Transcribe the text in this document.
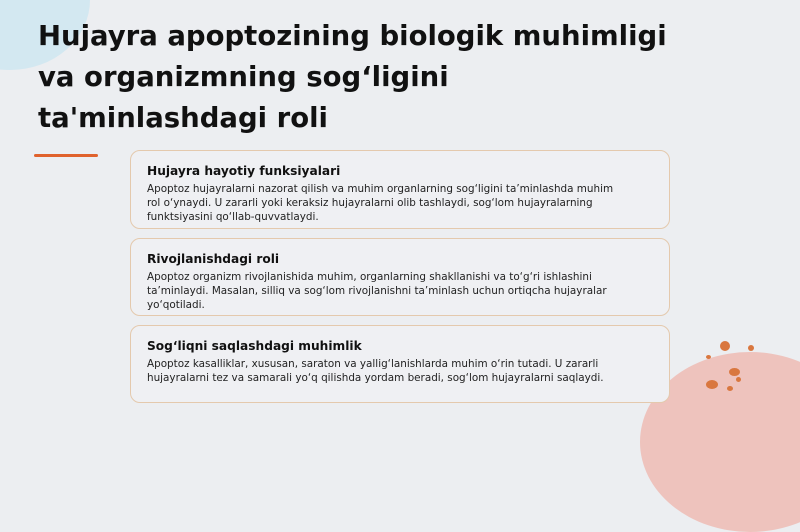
Hujayra apoptozining biologik muhimligi
va organizmning sog‘ligini
ta'minlashdagi roli
Hujayra hayotiy funksiyalari

Apoptoz hujayralarni nazorat qilish va muhim organlarning sog‘ligini ta’minlashda muhim
rol o‘ynaydi. U zararli yoki keraksiz hujayralarni olib tashlaydi, sog‘lom hujayralarning
funktsiyasini qo‘llab-quvvatlaydi.

Rivojlanishdagi roli

Apoptoz organizm rivojlanishida muhim, organlarning shakllanishi va to‘g‘ri ishlashini
ta’minlaydi. Masalan, silliq va sog‘lom rivojlanishni ta’minlash uchun ortiqcha hujayralar
yo‘qotiladi.

Sog‘liqni saqlashdagi muhimlik

Apoptoz kasalliklar, xususan, saraton va yallig‘lanishlarda muhim o‘rin tutadi. U zararli
hujayralarni tez va samarali yo‘q qilishda yordam beradi, sog‘lom hujayralarni saqlaydi.
